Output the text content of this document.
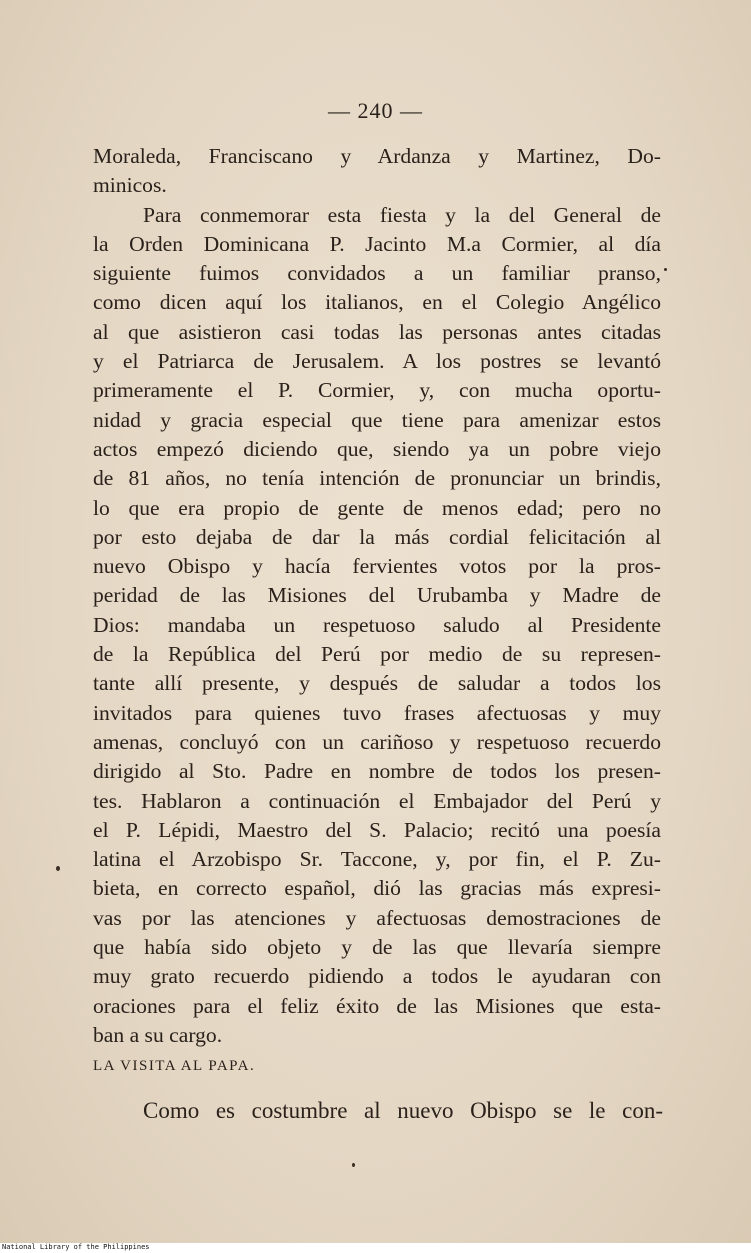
— 240 —
Moraleda, Franciscano y Ardanza y Martinez, Do-
minicos.
Para conmemorar esta fiesta y la del General de
la Orden Dominicana P. Jacinto M.a Cormier, al día
siguiente fuimos convidados a un familiar pranso,
como dicen aquí los italianos, en el Colegio Angélico
al que asistieron casi todas las personas antes citadas
y el Patriarca de Jerusalem. A los postres se levantó
primeramente el P. Cormier, y, con mucha oportu-
nidad y gracia especial que tiene para amenizar estos
actos empezó diciendo que, siendo ya un pobre viejo
de 81 años, no tenía intención de pronunciar un brindis,
lo que era propio de gente de menos edad; pero no
por esto dejaba de dar la más cordial felicitación al
nuevo Obispo y hacía fervientes votos por la pros-
peridad de las Misiones del Urubamba y Madre de
Dios: mandaba un respetuoso saludo al Presidente
de la República del Perú por medio de su represen-
tante allí presente, y después de saludar a todos los
invitados para quienes tuvo frases afectuosas y muy
amenas, concluyó con un cariñoso y respetuoso recuerdo
dirigido al Sto. Padre en nombre de todos los presen-
tes. Hablaron a continuación el Embajador del Perú y
el P. Lépidi, Maestro del S. Palacio; recitó una poesía
latina el Arzobispo Sr. Taccone, y, por fin, el P. Zu-
bieta, en correcto español, dió las gracias más expresi-
vas por las atenciones y afectuosas demostraciones de
que había sido objeto y de las que llevaría siempre
muy grato recuerdo pidiendo a todos le ayudaran con
oraciones para el feliz éxito de las Misiones que esta-
ban a su cargo.
LA VISITA AL PAPA.
Como es costumbre al nuevo Obispo se le con-
National Library of the Philippines
